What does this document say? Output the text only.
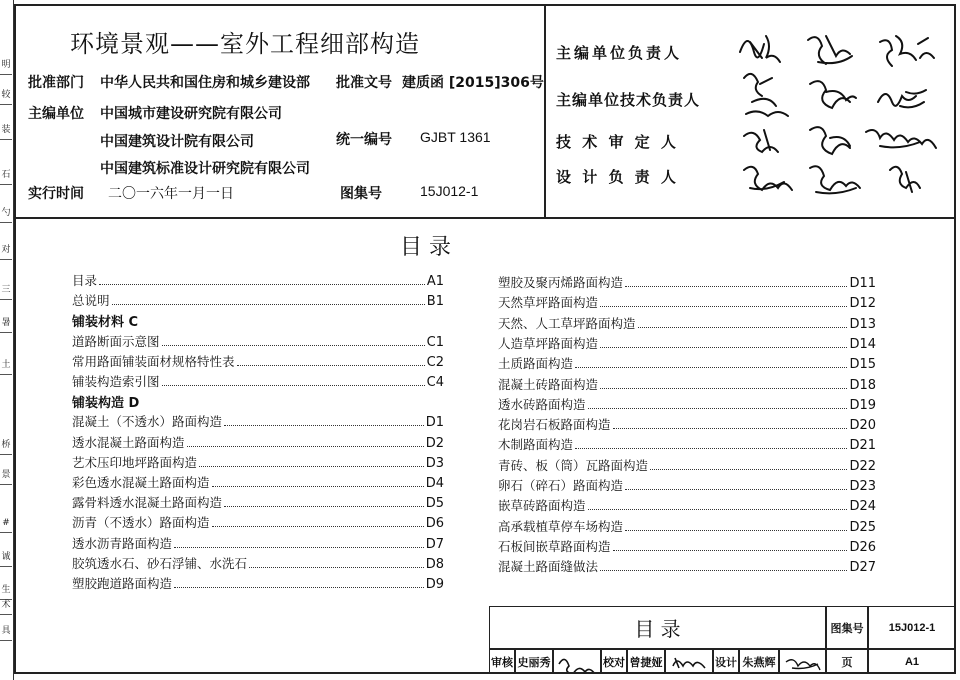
明
较
装
石
勺
对
三
暑
土
桥
景
#
诚
生
术
具
环境景观——室外工程细部构造
批准部门 中华人民共和国住房和城乡建设部 批准文号 建质函 [2015]306号
主编单位 中国城市建设研究院有限公司
中国建筑设计院有限公司	统一编号 GJBT 1361
中国建筑标准设计研究院有限公司
实行时间 二〇一六年一月一日	图集号	15J012-1
主编单位负责人
主编单位技术负责人
技 术 审 定 人
设 计 负 责 人
目 录
目录	A1
总说明	B1
铺装材料 C
道路断面示意图	C1
常用路面铺装面材规格特性表	C2
铺装构造索引图	C4
铺装构造 D
混凝土（不透水）路面构造	D1
透水混凝土路面构造	D2
艺术压印地坪路面构造	D3
彩色透水混凝土路面构造	D4
露骨料透水混凝土路面构造	D5
沥青（不透水）路面构造	D6
透水沥青路面构造	D7
胶筑透水石、砂石浮铺、水洗石	D8
塑胶跑道路面构造	D9
塑胶及聚丙烯路面构造	D11
天然草坪路面构造	D12
天然、人工草坪路面构造	D13
人造草坪路面构造	D14
土质路面构造	D15
混凝土砖路面构造	D18
透水砖路面构造	D19
花岗岩石板路面构造	D20
木制路面构造	D21
青砖、板（筒）瓦路面构造	D22
卵石（碎石）路面构造	D23
嵌草砖路面构造	D24
高承载植草停车场构造	D25
石板间嵌草路面构造	D26
混凝土路面缝做法	D27
目 录	图集号	15J012-1
审核 史丽秀	校对 曾捷娅	设计 朱燕辉	页	A1
